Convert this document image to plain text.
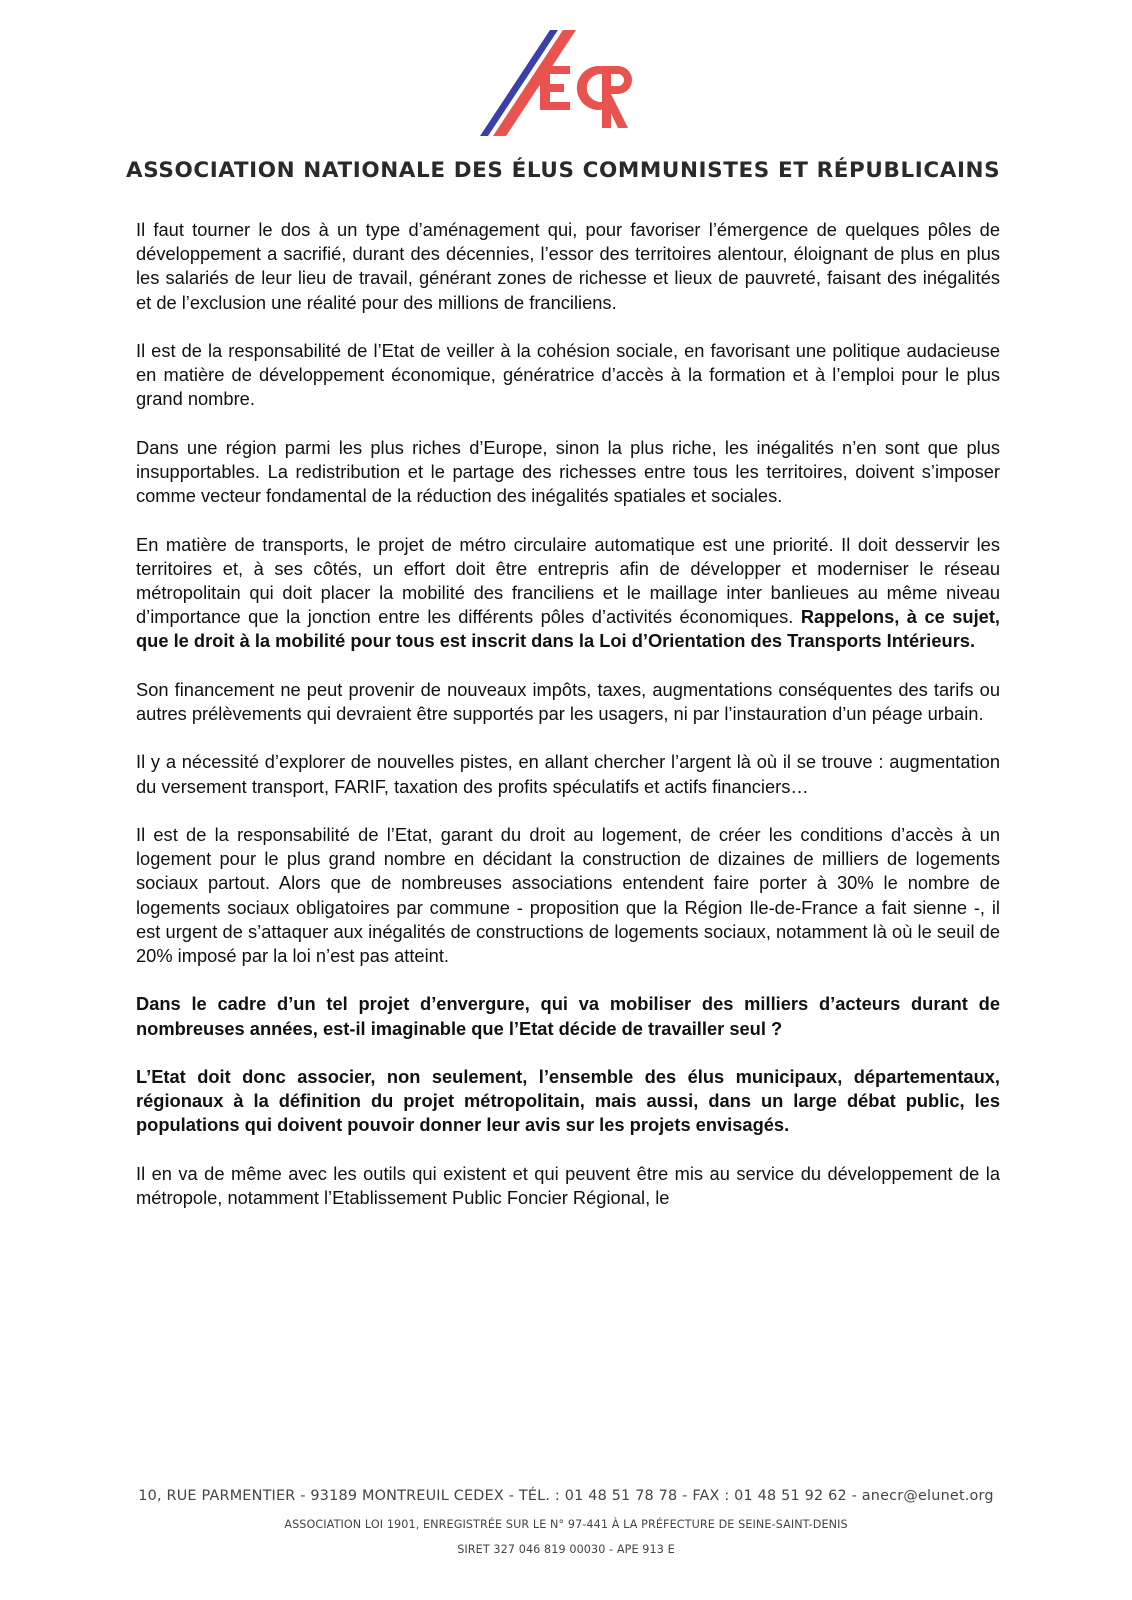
ASSOCIATION NATIONALE DES ÉLUS COMMUNISTES ET RÉPUBLICAINS

Il faut tourner le dos à un type d’aménagement qui, pour favoriser l’émergence de quelques pôles de développement a sacrifié, durant des décennies, l’essor des territoires alentour, éloignant de plus en plus les salariés de leur lieu de travail, générant zones de richesse et lieux de pauvreté, faisant des inégalités et de l’exclusion une réalité pour des millions de franciliens.

Il est de la responsabilité de l’Etat de veiller à la cohésion sociale, en favorisant une politique audacieuse en matière de développement économique, génératrice d’accès à la formation et à l’emploi pour le plus grand nombre.

Dans une région parmi les plus riches d’Europe, sinon la plus riche, les inégalités n’en sont que plus insupportables. La redistribution et le partage des richesses entre tous les territoires, doivent s’imposer comme vecteur fondamental de la réduction des inégalités spatiales et sociales.

En matière de transports, le projet de métro circulaire automatique est une priorité. Il doit desservir les territoires et, à ses côtés, un effort doit être entrepris afin de développer et moderniser le réseau métropolitain qui doit placer la mobilité des franciliens et le maillage inter banlieues au même niveau d’importance que la jonction entre les différents pôles d’activités économiques. Rappelons, à ce sujet, que le droit à la mobilité pour tous est inscrit dans la Loi d’Orientation des Transports Intérieurs.

Son financement ne peut provenir de nouveaux impôts, taxes, augmentations conséquentes des tarifs ou autres prélèvements qui devraient être supportés par les usagers, ni par l’instauration d’un péage urbain.

Il y a nécessité d’explorer de nouvelles pistes, en allant chercher l’argent là où il se trouve : augmentation du versement transport, FARIF, taxation des profits spéculatifs et actifs financiers…

Il est de la responsabilité de l’Etat, garant du droit au logement, de créer les conditions d’accès à un logement pour le plus grand nombre en décidant la construction de dizaines de milliers de logements sociaux partout. Alors que de nombreuses associations entendent faire porter à 30% le nombre de logements sociaux obligatoires par commune - proposition que la Région Ile-de-France a fait sienne -, il est urgent de s’attaquer aux inégalités de constructions de logements sociaux, notamment là où le seuil de 20% imposé par la loi n’est pas atteint.

Dans le cadre d’un tel projet d’envergure, qui va mobiliser des milliers d’acteurs durant de nombreuses années, est-il imaginable que l’Etat décide de travailler seul ?

L’Etat doit donc associer, non seulement, l’ensemble des élus municipaux, départementaux, régionaux à la définition du projet métropolitain, mais aussi, dans un large débat public, les populations qui doivent pouvoir donner leur avis sur les projets envisagés.

Il en va de même avec les outils qui existent et qui peuvent être mis au service du développement de la métropole, notamment l’Etablissement Public Foncier Régional, le

10, RUE PARMENTIER - 93189 MONTREUIL CEDEX - TÉL. : 01 48 51 78 78 - FAX : 01 48 51 92 62 - anecr@elunet.org
ASSOCIATION LOI 1901, ENREGISTRÉE SUR LE N° 97-441 À LA PRÉFECTURE DE SEINE-SAINT-DENIS
SIRET 327 046 819 00030 - APE 913 E
